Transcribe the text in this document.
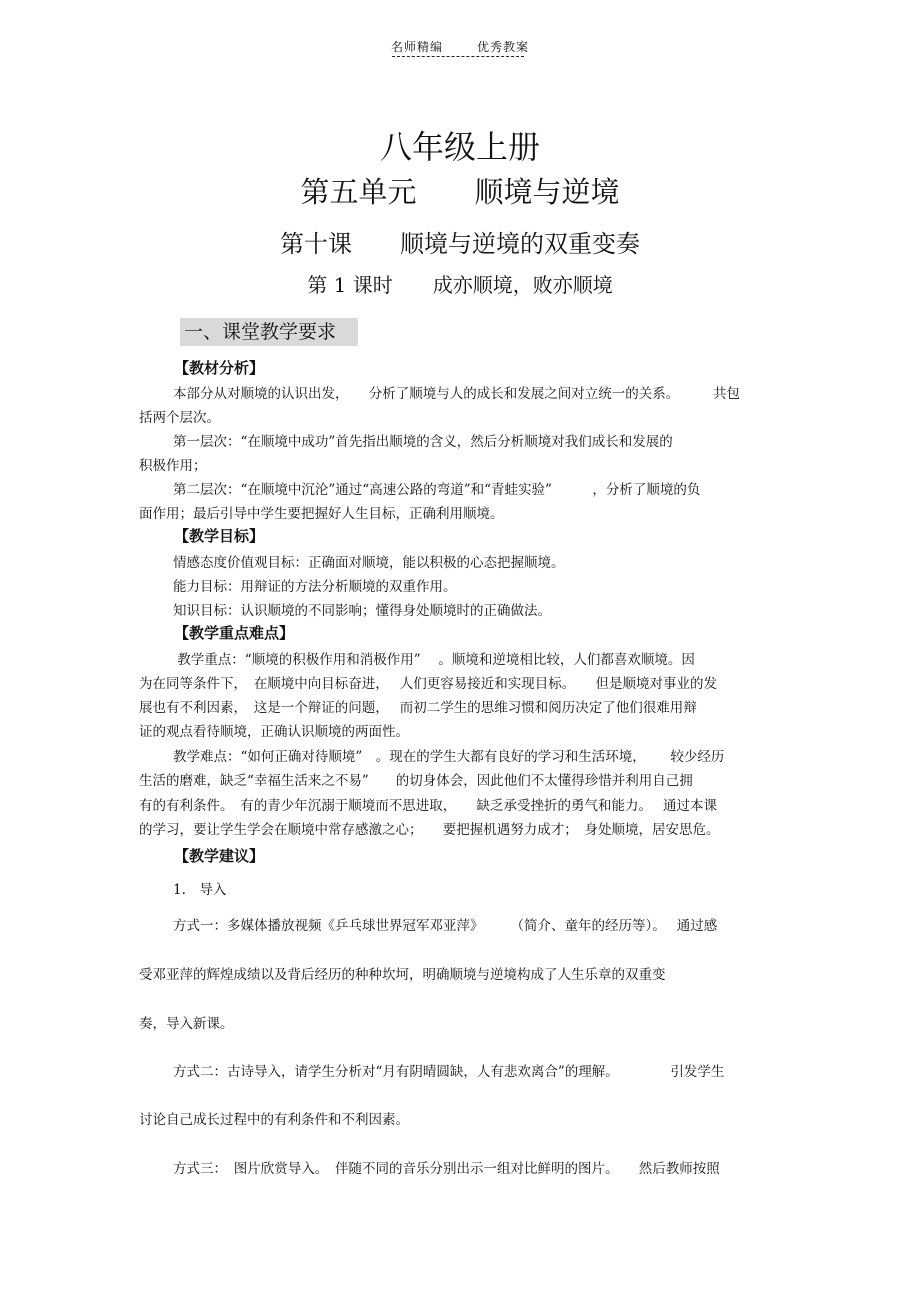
名师精编	优秀教案
八年级上册
第五单元　　顺境与逆境
第十课　　顺境与逆境的双重变奏
第 1 课时　　成亦顺境，败亦顺境
一、课堂教学要求
【教材分析】
本部分从对顺境的认识出发，　　分析了顺境与人的成长和发展之间对立统一的关系。　　　共包
括两个层次。
第一层次：“在顺境中成功”首先指出顺境的含义，然后分析顺境对我们成长和发展的
积极作用；
第二层次：“在顺境中沉沦”通过“高速公路的弯道”和“青蛙实验”　　　，分析了顺境的负
面作用；最后引导中学生要把握好人生目标，正确利用顺境。
【教学目标】
情感态度价值观目标：正确面对顺境，能以积极的心态把握顺境。
能力目标：用辩证的方法分析顺境的双重作用。
知识目标：认识顺境的不同影响；懂得身处顺境时的正确做法。
【教学重点难点】
教学重点：“顺境的积极作用和消极作用”　 。顺境和逆境相比较，人们都喜欢顺境。因
为在同等条件下，　在顺境中向目标奋进，　 人们更容易接近和实现目标。　　但是顺境对事业的发
展也有不利因素，　这是一个辩证的问题，　 而初二学生的思维习惯和阅历决定了他们很难用辩
证的观点看待顺境，正确认识顺境的两面性。
教学难点：“如何正确对待顺境”　。现在的学生大都有良好的学习和生活环境，　　 较少经历
生活的磨难，缺乏“幸福生活来之不易”　　的切身体会，因此他们不太懂得珍惜并利用自己拥
有的有利条件。　有的青少年沉溺于顺境而不思进取，　　缺乏承受挫折的勇气和能力。　 通过本课
的学习，要让学生学会在顺境中常存感激之心；　　要把握机遇努力成才；　身处顺境，居安思危。
【教学建议】
1.　导入
方式一：多媒体播放视频《乒乓球世界冠军邓亚萍》　　　（简介、童年的经历等）。　 通过感
受邓亚萍的辉煌成绩以及背后经历的种种坎坷，明确顺境与逆境构成了人生乐章的双重变
奏，导入新课。
方式二：古诗导入，请学生分析对“月有阴晴圆缺，人有悲欢离合”的理解。　　　　 引发学生
讨论自己成长过程中的有利条件和不利因素。
方式三：　图片欣赏导入。　伴随不同的音乐分别出示一组对比鲜明的图片。　　然后教师按照
